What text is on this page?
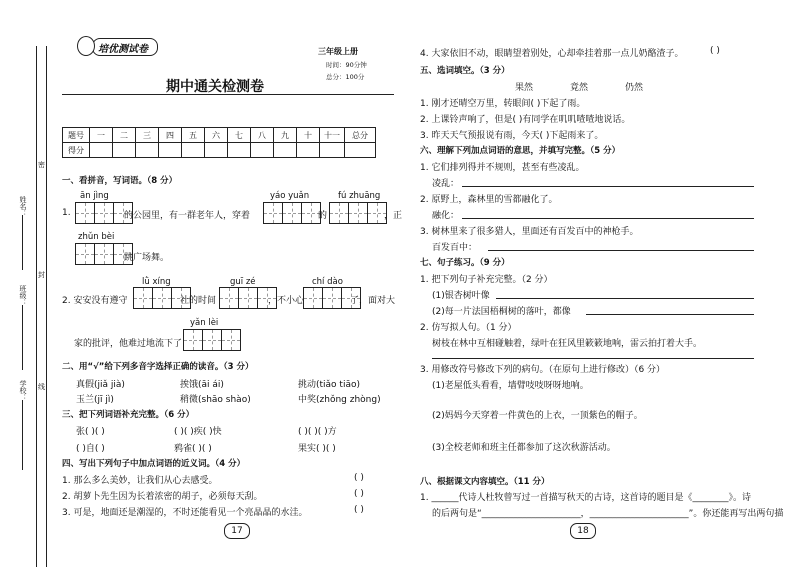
姓名：
班级：
学校：
密
封
线
培优测试卷	三年级上册
时间：90分钟
总分：100分
期中通关检测卷
题号	一	二	三	四	五	六	七	八	九	十	十一	总分
得分												
一、看拼音，写词语。（8 分）
ān jìng	yáo yuǎn	fú zhuāng
1.	的公园里，有一群老年人，穿着	的	，正
zhǔn bèi
跳广场舞。
lǜ xíng	guī zé	chí dào
2. 安安没有遵守	社的时间	，不小心	了，面对大
yǎn lèi
家的批评，他难过地流下了
二、用“√”给下列多音字选择正确的读音。（3 分）
真假(jiǎ jià)	挨饿(āi ái)	挑动(tiǎo tiāo)
玉兰(jī jì)	稍微(shāo shào)	中奖(zhǒng zhòng)
三、把下列词语补充完整。（6 分）
张( )( )	( )( )疾( )快	( )( )( )方
( )自( )	鸦雀( )( )	果实( )( )
四、写出下列句子中加点词语的近义词。（4 分）
1. 那么多么美妙，让我们从心去感受。	( )
2. 胡萝卜先生因为长着浓密的胡子，必须每天刮。	( )
3. 可是，地面还是潮湿的，不时还能看见一个亮晶晶的水洼。	( )
17
4. 大家依旧不动，眼睛望着别处，心却牵挂着那一点儿奶酪渣子。	( )
五、选词填空。（3 分）
果然	竟然	仍然
1. 刚才还晴空万里，转眼间( )下起了雨。
2. 上课铃声响了，但是( )有同学在叽叽喳喳地说话。
3. 昨天天气预报说有雨，今天( )下起雨来了。
六、理解下列加点词语的意思，并填写完整。（5 分）
1. 它们排列得并不规则，甚至有些凌乱。
凌乱：
2. 原野上，森林里的雪都融化了。
融化：
3. 树林里来了很多猎人，里面还有百发百中的神枪手。
百发百中：
七、句子练习。（9 分）
1. 把下列句子补充完整。（2 分）
(1)银杏树叶像
(2)每一片法国梧桐树的落叶，都像
2. 仿写拟人句。（1 分）
树枝在林中互相碰触着，绿叶在狂风里簌簌地响，雷云拍打着大手。
3. 用修改符号修改下列的病句。（在原句上进行修改）（6 分）
(1)老屋低头看看，墙臂吱吱呀呀地响。
(2)妈妈今天穿着一件黄色的上衣，一顶紫色的帽子。
(3)全校老师和班主任都参加了这次秋游活动。
八、根据课文内容填空。（11 分）
1. ______代诗人杜牧曾写过一首描写秋天的古诗，这首诗的题目是《________》。诗
的后两句是“______________________，______________________”。你还能再写出两句描
18
